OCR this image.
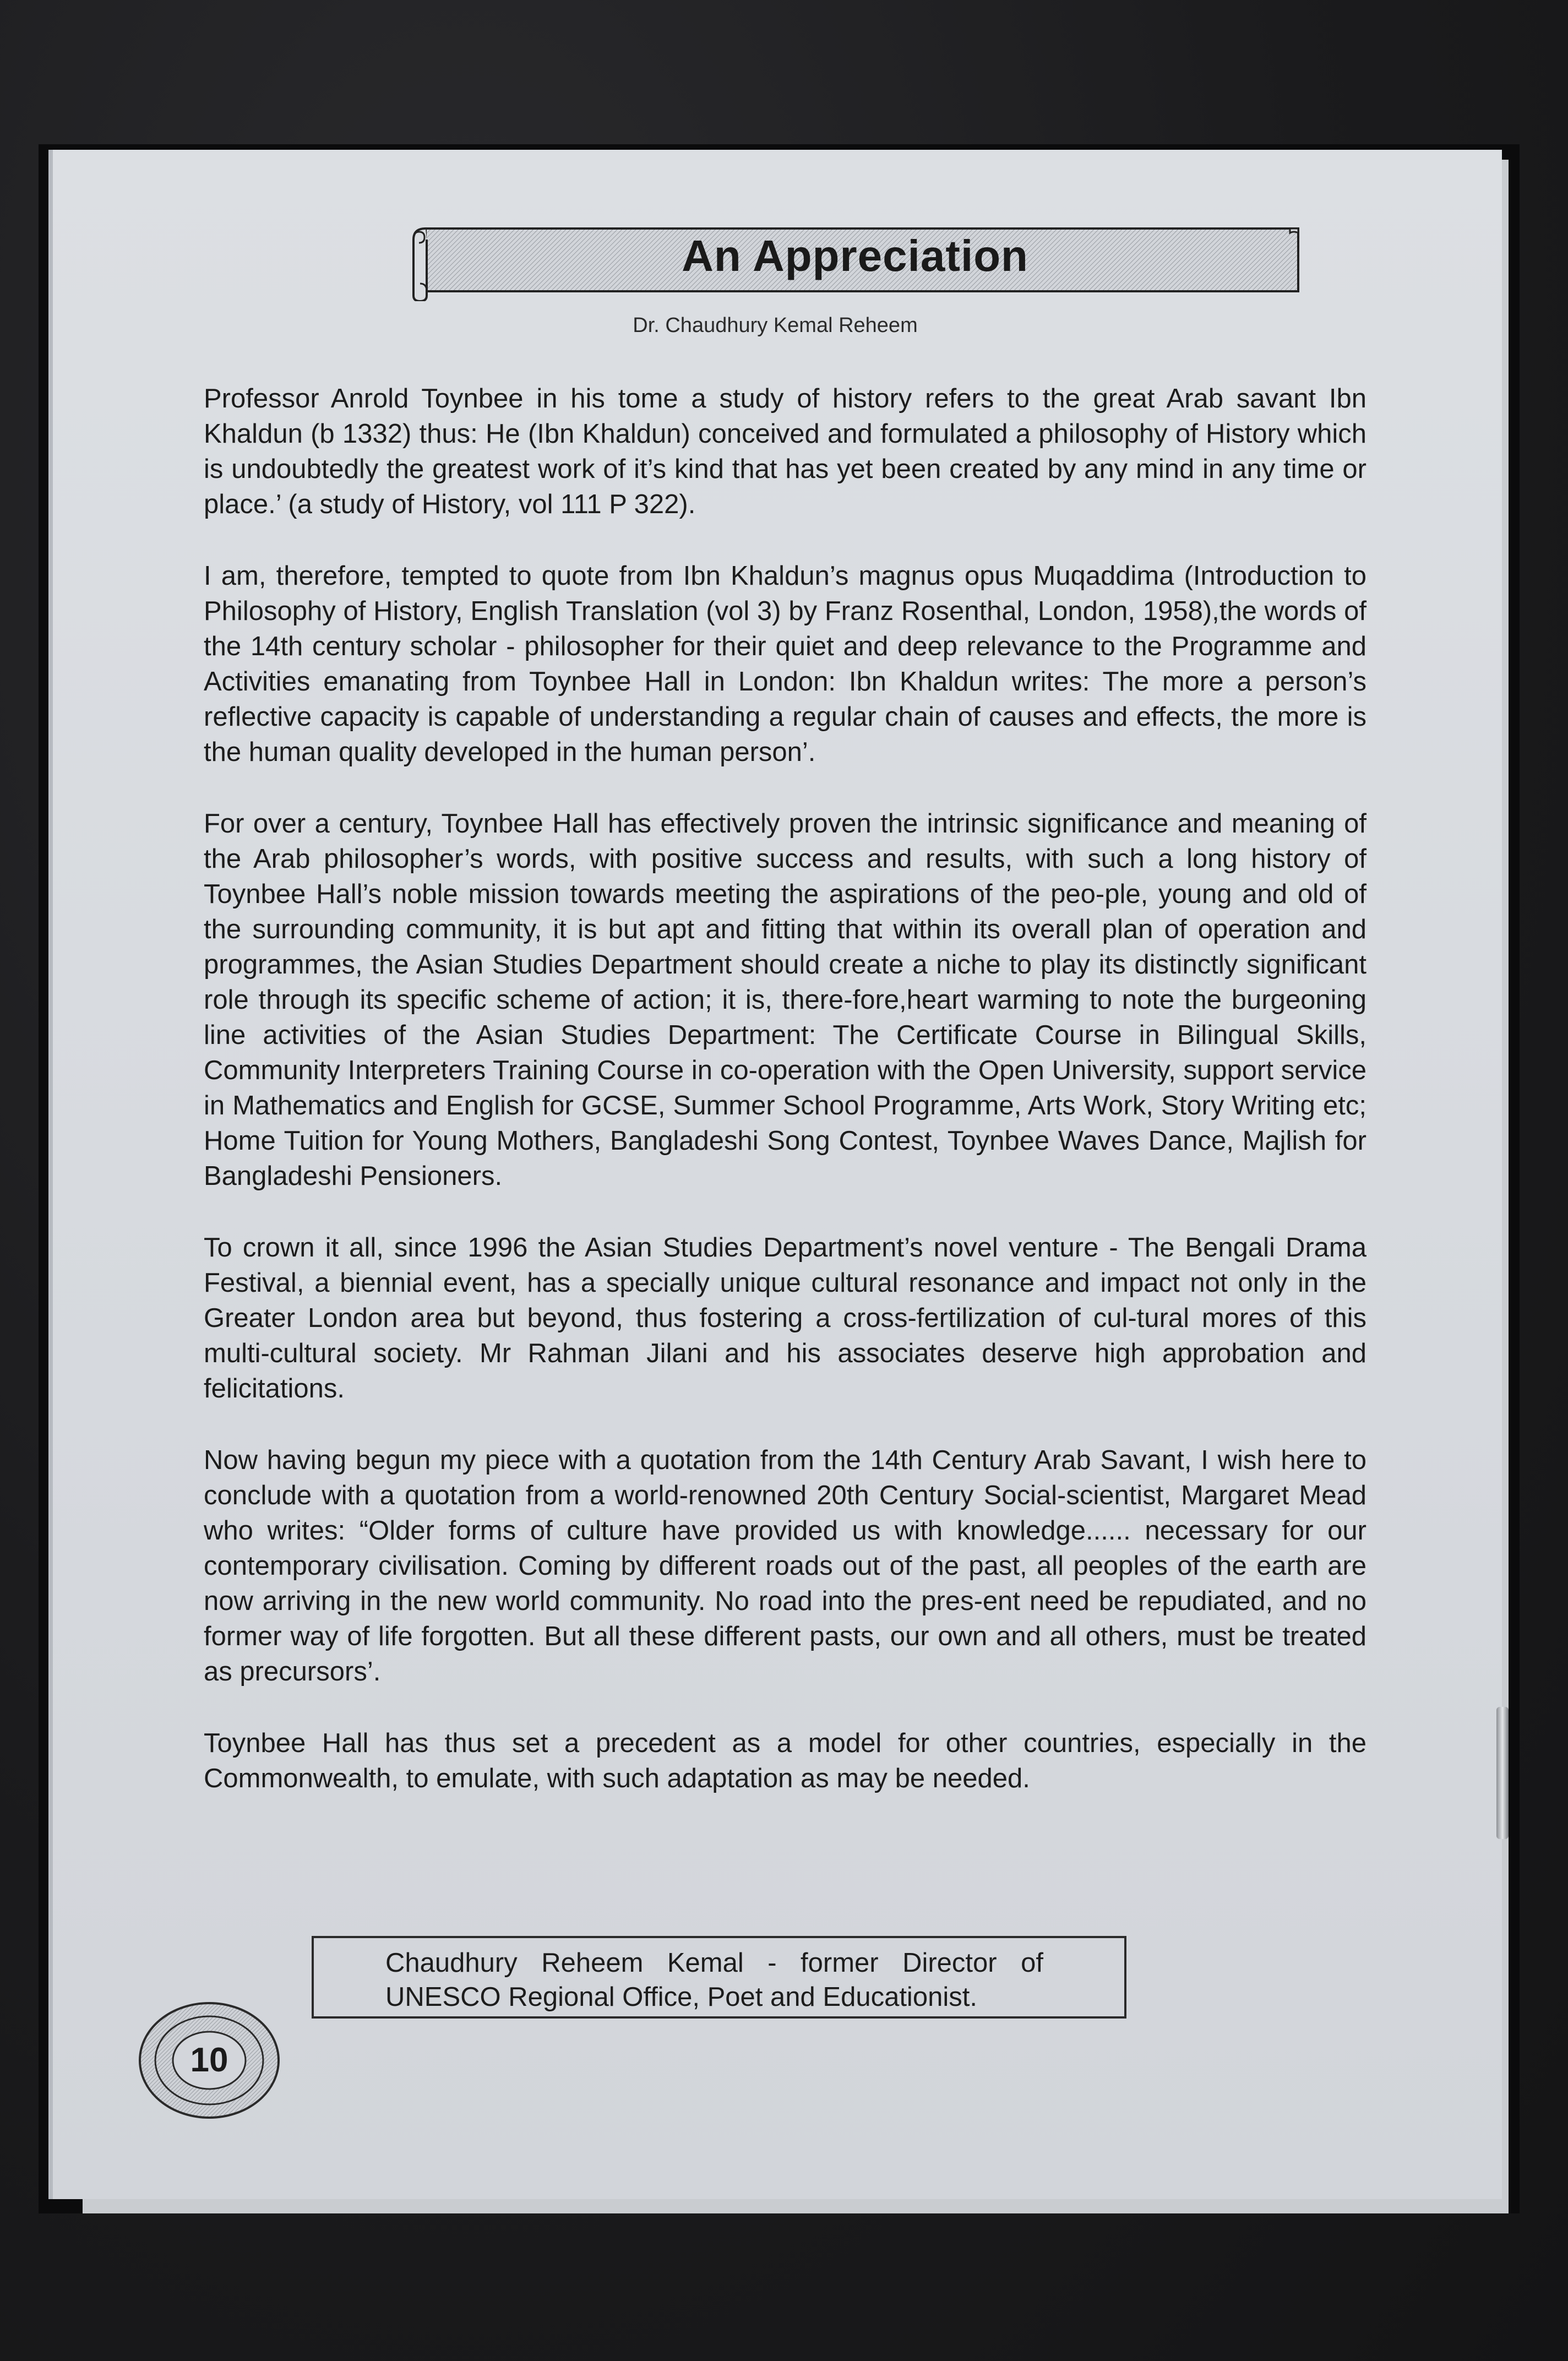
An Appreciation
Dr. Chaudhury Kemal Reheem

Professor Anrold Toynbee in his tome a study of history refers to the great Arab savant Ibn Khaldun (b 1332) thus: He (Ibn Khaldun) conceived and formulated a philosophy of History which is undoubtedly the greatest work of it’s kind that has yet been created by any mind in any time or place.’ (a study of History, vol 111 P 322).

I am, therefore, tempted to quote from Ibn Khaldun’s magnus opus Muqaddima (Introduction to Philosophy of History, English Translation (vol 3) by Franz Rosenthal, London, 1958),the words of the 14th century scholar - philosopher for their quiet and deep relevance to the Programme and Activities emanating from Toynbee Hall in London: Ibn Khaldun writes: The more a person’s reflective capacity is capable of understanding a regular chain of causes and effects, the more is the human quality developed in the human person’.

For over a century, Toynbee Hall has effectively proven the intrinsic significance and meaning of the Arab philosopher’s words, with positive success and results, with such a long history of Toynbee Hall’s noble mission towards meeting the aspirations of the peo-ple, young and old of the surrounding community, it is but apt and fitting that within its overall plan of operation and programmes, the Asian Studies Department should create a niche to play its distinctly significant role through its specific scheme of action; it is, there-fore,heart warming to note the burgeoning line activities of the Asian Studies Department: The Certificate Course in Bilingual Skills, Community Interpreters Training Course in co-operation with the Open University, support service in Mathematics and English for GCSE, Summer School Programme, Arts Work, Story Writing etc; Home Tuition for Young Mothers, Bangladeshi Song Contest, Toynbee Waves Dance, Majlish for Bangladeshi Pensioners.

To crown it all, since 1996 the Asian Studies Department’s novel venture - The Bengali Drama Festival, a biennial event, has a specially unique cultural resonance and impact not only in the Greater London area but beyond, thus fostering a cross-fertilization of cul-tural mores of this multi-cultural society. Mr Rahman Jilani and his associates deserve high approbation and felicitations.

Now having begun my piece with a quotation from the 14th Century Arab Savant, I wish here to conclude with a quotation from a world-renowned 20th Century Social-scientist, Margaret Mead who writes: “Older forms of culture have provided us with knowledge...... necessary for our contemporary civilisation. Coming by different roads out of the past, all peoples of the earth are now arriving in the new world community. No road into the pres-ent need be repudiated, and no former way of life forgotten. But all these different pasts, our own and all others, must be treated as precursors’.

Toynbee Hall has thus set a precedent as a model for other countries, especially in the Commonwealth, to emulate, with such adaptation as may be needed.

Chaudhury Reheem Kemal - former Director of
UNESCO Regional Office, Poet and Educationist.
10
